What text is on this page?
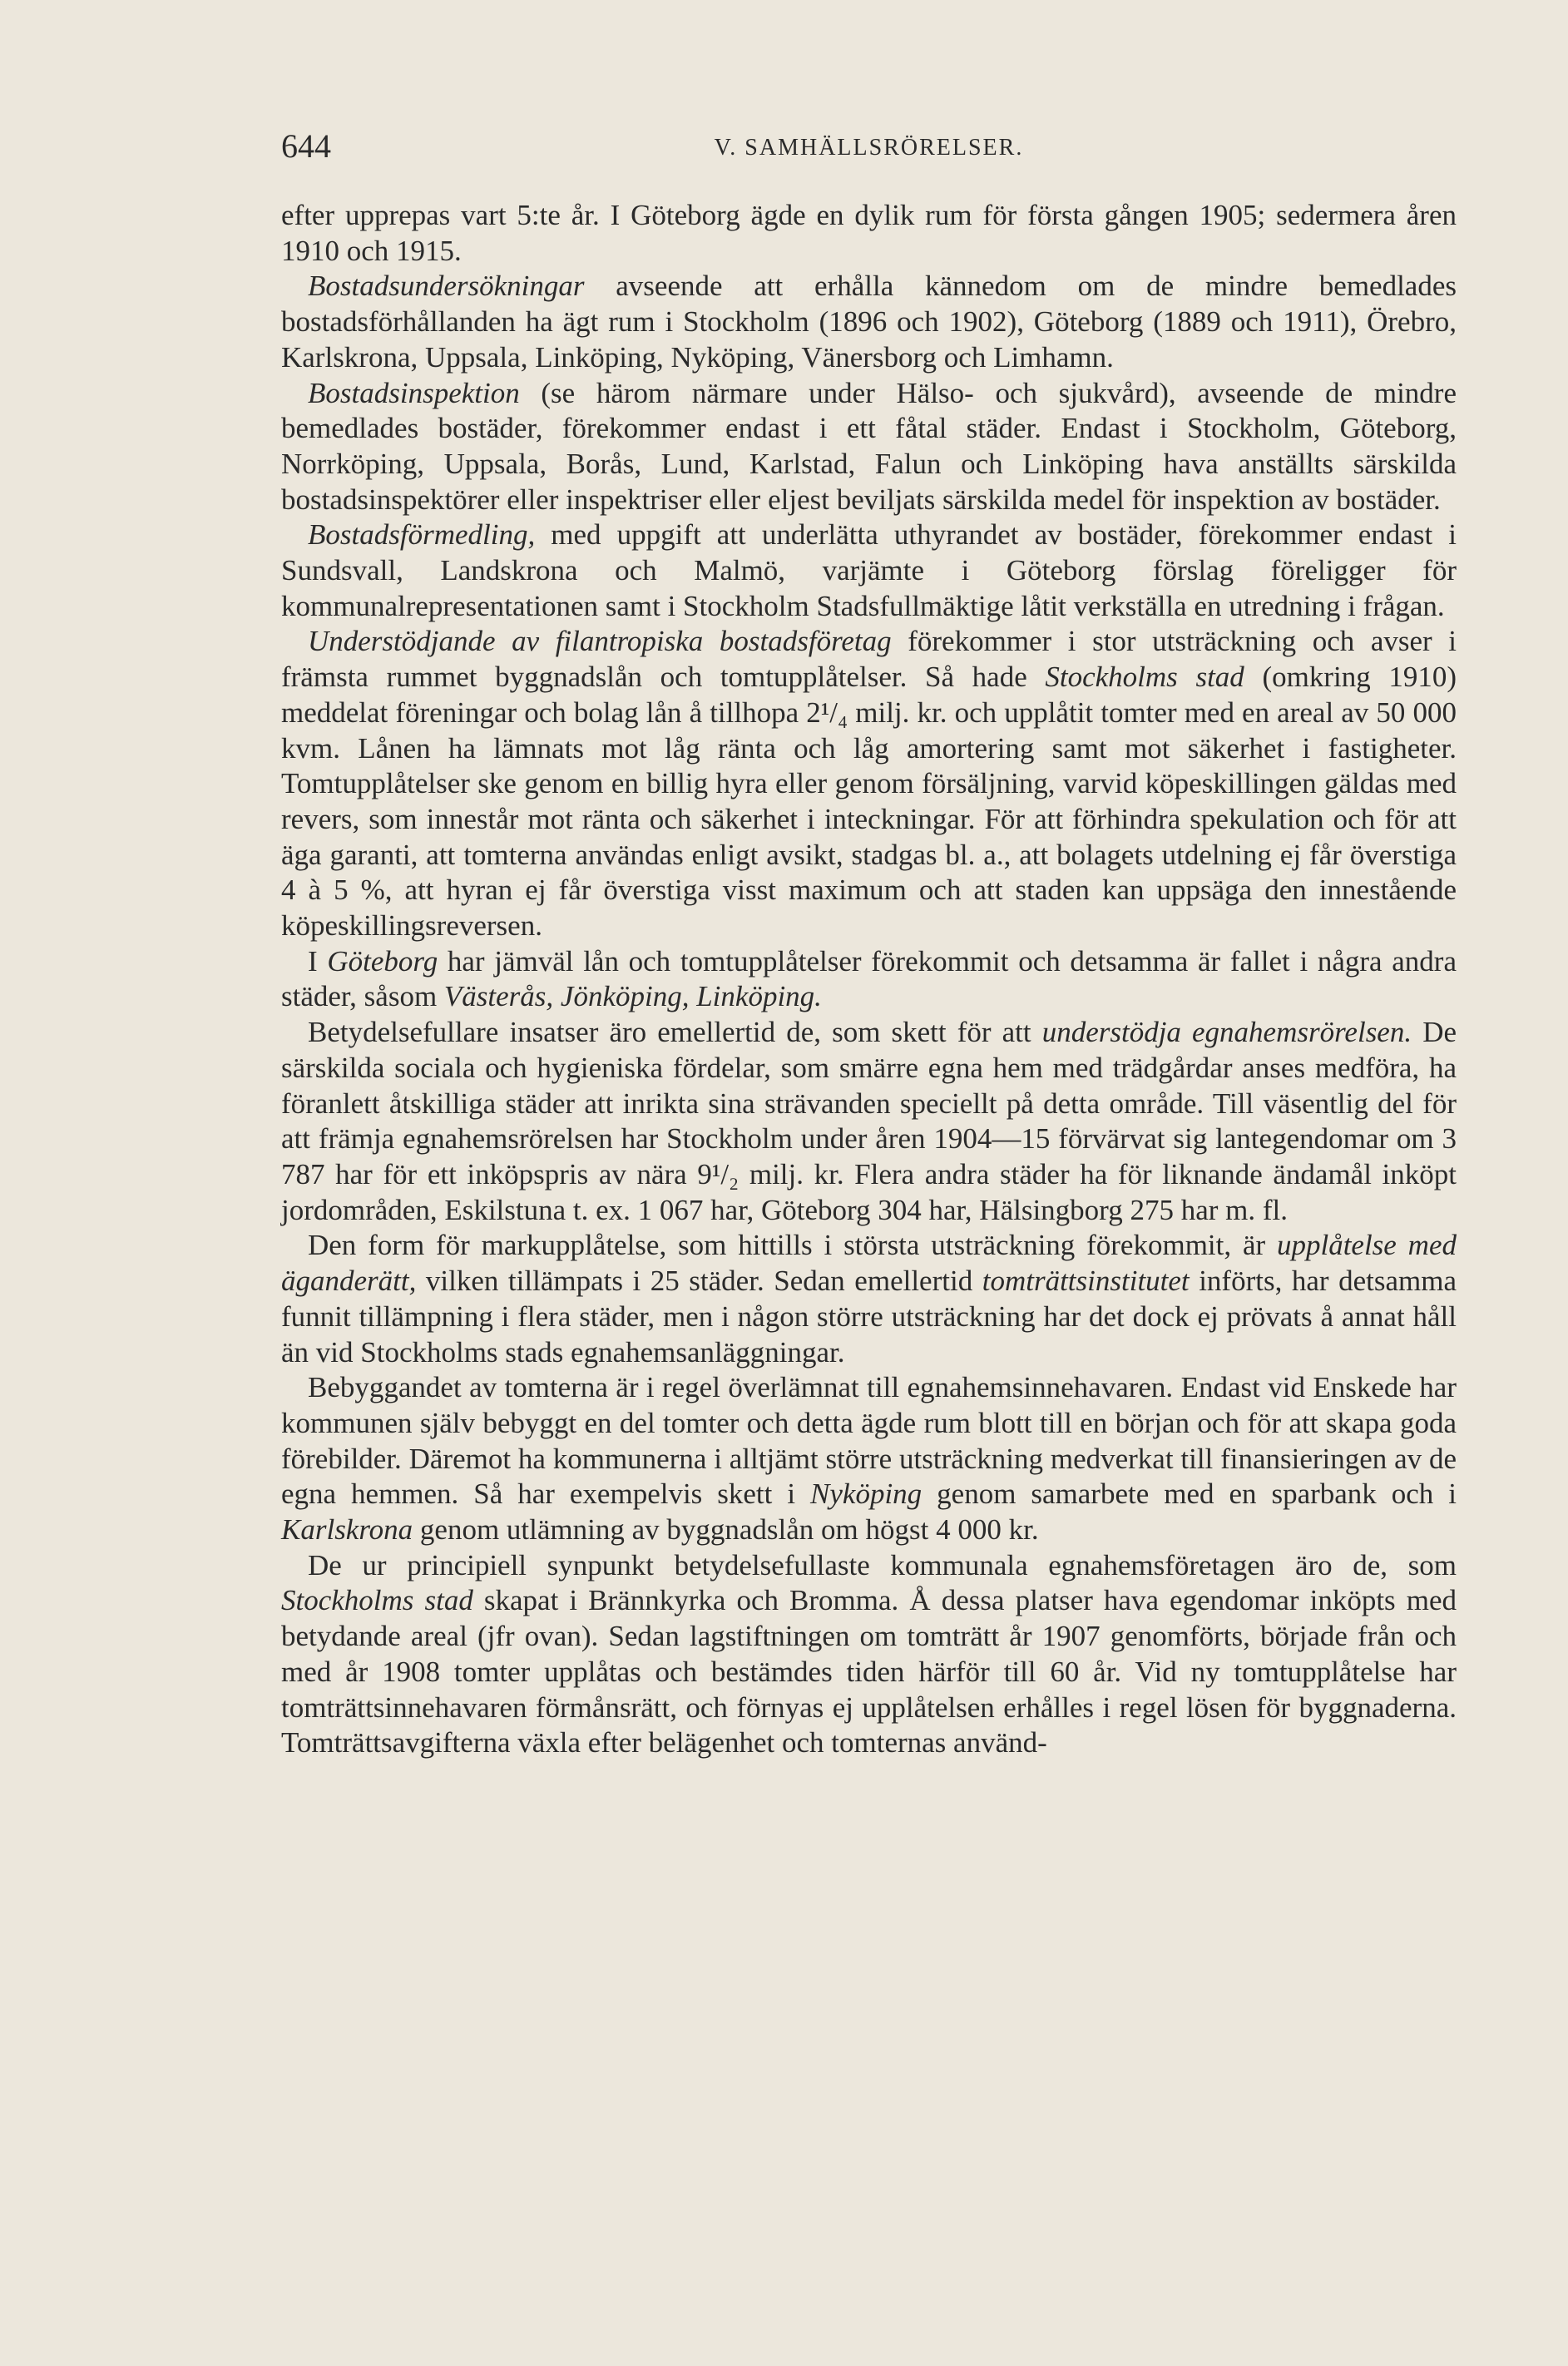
644	V. SAMHÄLLSRÖRELSER.

efter upprepas vart 5:te år. I Göteborg ägde en dylik rum för första gången 1905; sedermera åren 1910 och 1915.

Bostadsundersökningar avseende att erhålla kännedom om de mindre bemedlades bostadsförhållanden ha ägt rum i Stockholm (1896 och 1902), Göteborg (1889 och 1911), Örebro, Karlskrona, Uppsala, Linköping, Nyköping, Vänersborg och Limhamn.

Bostadsinspektion (se härom närmare under Hälso- och sjukvård), avseende de mindre bemedlades bostäder, förekommer endast i ett fåtal städer. Endast i Stockholm, Göteborg, Norrköping, Uppsala, Borås, Lund, Karlstad, Falun och Linköping hava anställts särskilda bostadsinspektörer eller inspektriser eller eljest beviljats särskilda medel för inspektion av bostäder.

Bostadsförmedling, med uppgift att underlätta uthyrandet av bostäder, förekommer endast i Sundsvall, Landskrona och Malmö, varjämte i Göteborg förslag föreligger för kommunalrepresentationen samt i Stockholm Stadsfullmäktige låtit verkställa en utredning i frågan.

Understödjande av filantropiska bostadsföretag förekommer i stor utsträckning och avser i främsta rummet byggnadslån och tomtupplåtelser. Så hade Stockholms stad (omkring 1910) meddelat föreningar och bolag lån å tillhopa 2¹/₄ milj. kr. och upplåtit tomter med en areal av 50 000 kvm. Lånen ha lämnats mot låg ränta och låg amortering samt mot säkerhet i fastigheter. Tomtupplåtelser ske genom en billig hyra eller genom försäljning, varvid köpeskillingen gäldas med revers, som innestår mot ränta och säkerhet i inteckningar. För att förhindra spekulation och för att äga garanti, att tomterna användas enligt avsikt, stadgas bl. a., att bolagets utdelning ej får överstiga 4 à 5 %, att hyran ej får överstiga visst maximum och att staden kan uppsäga den innestående köpeskillingsreversen.

I Göteborg har jämväl lån och tomtupplåtelser förekommit och detsamma är fallet i några andra städer, såsom Västerås, Jönköping, Linköping.

Betydelsefullare insatser äro emellertid de, som skett för att understödja egnahemsrörelsen. De särskilda sociala och hygieniska fördelar, som smärre egna hem med trädgårdar anses medföra, ha föranlett åtskilliga städer att inrikta sina strävanden speciellt på detta område. Till väsentlig del för att främja egnahemsrörelsen har Stockholm under åren 1904—15 förvärvat sig lantegendomar om 3 787 har för ett inköpspris av nära 9¹/₂ milj. kr. Flera andra städer ha för liknande ändamål inköpt jordområden, Eskilstuna t. ex. 1 067 har, Göteborg 304 har, Hälsingborg 275 har m. fl.

Den form för markupplåtelse, som hittills i största utsträckning förekommit, är upplåtelse med äganderätt, vilken tillämpats i 25 städer. Sedan emellertid tomträttsinstitutet införts, har detsamma funnit tillämpning i flera städer, men i någon större utsträckning har det dock ej prövats å annat håll än vid Stockholms stads egnahemsanläggningar.

Bebyggandet av tomterna är i regel överlämnat till egnahemsinnehavaren. Endast vid Enskede har kommunen själv bebyggt en del tomter och detta ägde rum blott till en början och för att skapa goda förebilder. Däremot ha kommunerna i alltjämt större utsträckning medverkat till finansieringen av de egna hemmen. Så har exempelvis skett i Nyköping genom samarbete med en sparbank och i Karlskrona genom utlämning av byggnadslån om högst 4 000 kr.

De ur principiell synpunkt betydelsefullaste kommunala egnahemsföretagen äro de, som Stockholms stad skapat i Brännkyrka och Bromma. Å dessa platser hava egendomar inköpts med betydande areal (jfr ovan). Sedan lagstiftningen om tomträtt år 1907 genomförts, började från och med år 1908 tomter upplåtas och bestämdes tiden härför till 60 år. Vid ny tomtupplåtelse har tomträttsinnehavaren förmånsrätt, och förnyas ej upplåtelsen erhålles i regel lösen för byggnaderna. Tomträttsavgifterna växla efter belägenhet och tomternas använd-
